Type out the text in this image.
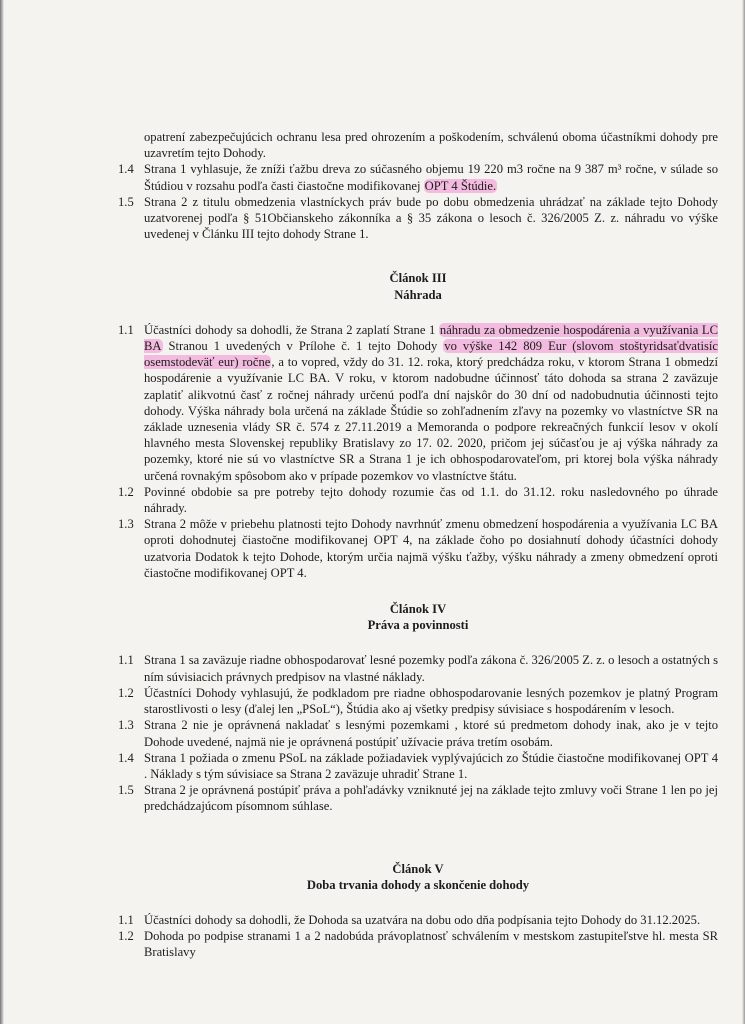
opatrení zabezpečujúcich ochranu lesa pred ohrozením a poškodením, schválenú oboma účastníkmi dohody pre uzavretím tejto Dohody.
1.4 Strana 1 vyhlasuje, že zníži ťažbu dreva zo súčasného objemu 19 220 m3 ročne na 9 387 m³ ročne, v súlade so Štúdiou v rozsahu podľa časti čiastočne modifikovanej OPT 4 Štúdie.
1.5 Strana 2 z titulu obmedzenia vlastníckych práv bude po dobu obmedzenia uhrádzať na základe tejto Dohody uzatvorenej podľa § 51Občianskeho zákonníka a § 35 zákona o lesoch č. 326/2005 Z. z. náhradu vo výške uvedenej v Článku III tejto dohody Strane 1.
Článok III
Náhrada
1.1 Účastníci dohody sa dohodli, že Strana 2 zaplatí Strane 1 náhradu za obmedzenie hospodárenia a využívania LC BA Stranou 1 uvedených v Prílohe č. 1 tejto Dohody vo výške 142 809 Eur (slovom stoštyridsaťdvatisíc osemstodeväť eur) ročne, a to vopred, vždy do 31. 12. roka, ktorý predchádza roku, v ktorom Strana 1 obmedzí hospodárenie a využívanie LC BA. V roku, v ktorom nadobudne účinnosť táto dohoda sa strana 2 zaväzuje zaplatiť alikvotnú časť z ročnej náhrady určenú podľa dní najskôr do 30 dní od nadobudnutia účinnosti tejto dohody. Výška náhrady bola určená na základe Štúdie so zohľadnením zľavy na pozemky vo vlastníctve SR na základe uznesenia vlády SR č. 574 z 27.11.2019 a Memoranda o podpore rekreačných funkcií lesov v okolí hlavného mesta Slovenskej republiky Bratislavy zo 17. 02. 2020, pričom jej súčasťou je aj výška náhrady za pozemky, ktoré nie sú vo vlastníctve SR a Strana 1 je ich obhospodarovateľom, pri ktorej bola výška náhrady určená rovnakým spôsobom ako v prípade pozemkov vo vlastníctve štátu.
1.2 Povinné obdobie sa pre potreby tejto dohody rozumie čas od 1.1. do 31.12. roku nasledovného po úhrade náhrady.
1.3 Strana 2 môže v priebehu platnosti tejto Dohody navrhnúť zmenu obmedzení hospodárenia a využívania LC BA oproti dohodnutej čiastočne modifikovanej OPT 4, na základe čoho po dosiahnutí dohody účastníci dohody uzatvoria Dodatok k tejto Dohode, ktorým určia najmä výšku ťažby, výšku náhrady a zmeny obmedzení oproti čiastočne modifikovanej OPT 4.
Článok IV
Práva a povinnosti
1.1 Strana 1 sa zaväzuje riadne obhospodarovať lesné pozemky podľa zákona č. 326/2005 Z. z. o lesoch a ostatných s ním súvisiacich právnych predpisov na vlastné náklady.
1.2 Účastníci Dohody vyhlasujú, že podkladom pre riadne obhospodarovanie lesných pozemkov je platný Program starostlivosti o lesy (ďalej len „PSoL“), Štúdia ako aj všetky predpisy súvisiace s hospodárením v lesoch.
1.3 Strana 2 nie je oprávnená nakladať s lesnými pozemkami , ktoré sú predmetom dohody inak, ako je v tejto Dohode uvedené, najmä nie je oprávnená postúpiť užívacie práva tretím osobám.
1.4 Strana 1 požiada o zmenu PSoL na základe požiadaviek vyplývajúcich zo Štúdie čiastočne modifikovanej OPT 4 . Náklady s tým súvisiace sa Strana 2 zaväzuje uhradiť Strane 1.
1.5 Strana 2 je oprávnená postúpiť práva a pohľadávky vzniknuté jej na základe tejto zmluvy voči Strane 1 len po jej predchádzajúcom písomnom súhlase.
Článok V
Doba trvania dohody a skončenie dohody
1.1 Účastníci dohody sa dohodli, že Dohoda sa uzatvára na dobu odo dňa podpísania tejto Dohody do 31.12.2025.
1.2 Dohoda po podpise stranami 1 a 2 nadobúda právoplatnosť schválením v mestskom zastupiteľstve hl. mesta SR Bratislavy
